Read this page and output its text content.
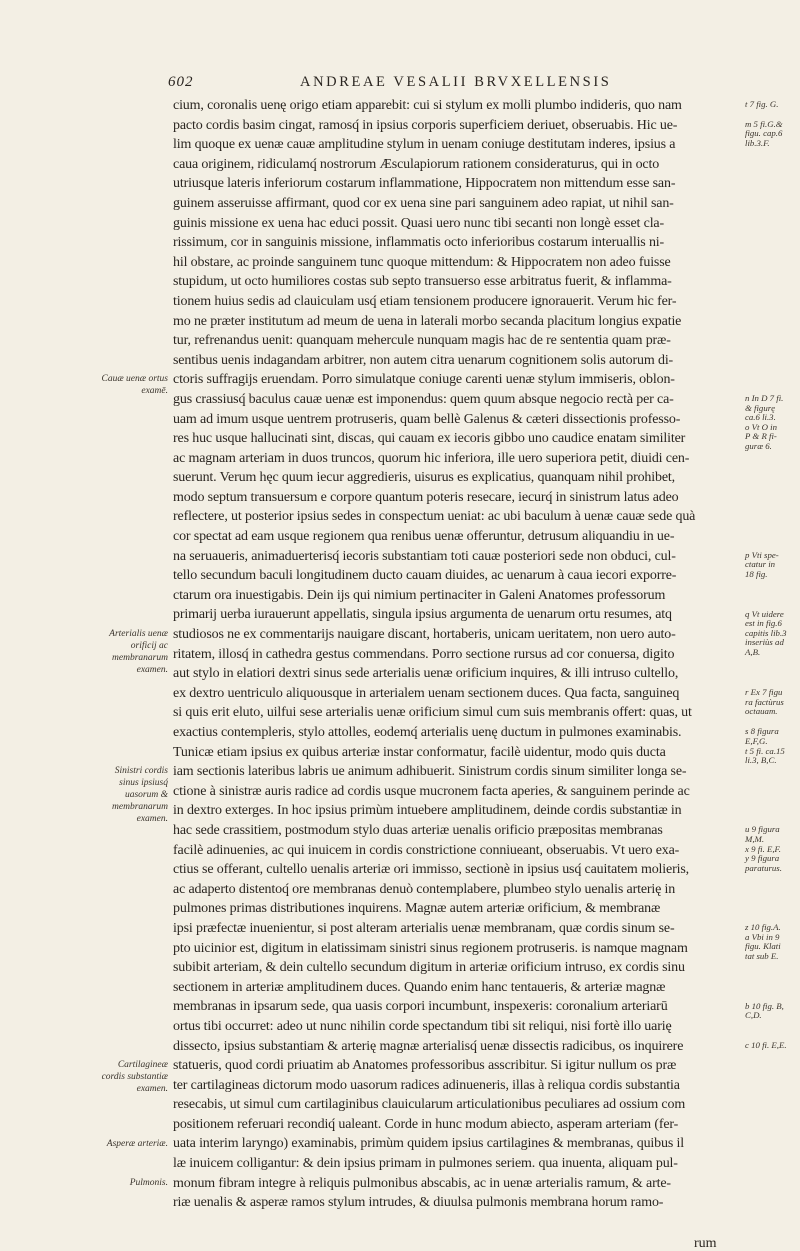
602	ANDREAE VESALII BRVXELLENSIS
cium, coronalis uenę origo etiam apparebit: cui si stylum ex molli plumbo indideris, quo nam
pacto cordis basim cingat, ramosq́ in ipsius corporis superficiem deriuet, obseruabis. Hic ue-
lim quoque ex uenæ cauæ amplitudine stylum in uenam coniuge destitutam inderes, ipsius a
caua originem, ridiculamq́ nostrorum Æsculapiorum rationem consideraturus, qui in octo
utriusque lateris inferiorum costarum inflammatione, Hippocratem non mittendum esse san-
guinem asseruisse affirmant, quod cor ex uena sine pari sanguinem adeo rapiat, ut nihil san-
guinis missione ex uena hac educi possit. Quasi uero nunc tibi secanti non longè esset cla-
rissimum, cor in sanguinis missione, inflammatis octo inferioribus costarum interuallis ni-
hil obstare, ac proinde sanguinem tunc quoque mittendum: & Hippocratem non adeo fuisse
stupidum, ut octo humiliores costas sub septo transuerso esse arbitratus fuerit, & inflamma-
tionem huius sedis ad clauiculam usq́ etiam tensionem producere ignorauerit. Verum hic fer-
mo ne præter institutum ad meum de uena in laterali morbo secanda placitum longius expatie
tur, refrenandus uenit: quanquam mehercule nunquam magis hac de re sententia quam præ-
sentibus uenis indagandam arbitrer, non autem citra uenarum cognitionem solis autorum di-
ctoris suffragijs eruendam. Porro simulatque coniuge carenti uenæ stylum immiseris, oblon-
gus crassiusq́ baculus cauæ uenæ est imponendus: quem quum absque negocio rectà per ca-
uam ad imum usque uentrem protruseris, quam bellè Galenus & cæteri dissectionis professo-
res huc usque hallucinati sint, discas, qui cauam ex iecoris gibbo uno caudice enatam similiter
ac magnam arteriam in duos truncos, quorum hic inferiora, ille uero superiora petit, diuidi cen-
suerunt. Verum hęc quum iecur aggredieris, uisurus es explicatius, quanquam nihil prohibet,
modo septum transuersum e corpore quantum poteris resecare, iecurq́ in sinistrum latus adeo
reflectere, ut posterior ipsius sedes in conspectum ueniat: ac ubi baculum à uenæ cauæ sede quà
cor spectat ad eam usque regionem qua renibus uenæ offeruntur, detrusum aliquandiu in ue-
na seruaueris, animaduerterisq́ iecoris substantiam toti cauæ posteriori sede non obduci, cul-
tello secundum baculi longitudinem ducto cauam diuides, ac uenarum à caua iecori exporre-
ctarum ora inuestigabis. Dein ijs qui nimium pertinaciter in Galeni Anatomes professorum
primarij uerba iurauerunt appellatis, singula ipsius argumenta de uenarum ortu resumes, atq
studiosos ne ex commentarijs nauigare discant, hortaberis, unicam ueritatem, non uero auto-
ritatem, illosq́ in cathedra gestus commendans. Porro sectione rursus ad cor conuersa, digito
aut stylo in elatiori dextri sinus sede arterialis uenæ orificium inquires, & illi intruso cultello,
ex dextro uentriculo aliquousque in arterialem uenam sectionem duces. Qua facta, sanguineq
si quis erit eluto, uilfui sese arterialis uenæ orificium simul cum suis membranis offert: quas, ut
exactius contempleris, stylo attolles, eodemq́ arterialis uenę ductum in pulmones examinabis.
Tunicæ etiam ipsius ex quibus arteriæ instar conformatur, facilè uidentur, modo quis ducta
iam sectionis lateribus labris ue animum adhibuerit. Sinistrum cordis sinum similiter longa se-
ctione à sinistræ auris radice ad cordis usque mucronem facta aperies, & sanguinem perinde ac
in dextro exterges. In hoc ipsius primùm intuebere amplitudinem, deinde cordis substantiæ in
hac sede crassitiem, postmodum stylo duas arteriæ uenalis orificio præpositas membranas
facilè adinuenies, ac qui inuicem in cordis constrictione conniueant, obseruabis. Vt uero exa-
ctius se offerant, cultello uenalis arteriæ ori immisso, sectionè in ipsius usq́ cauitatem molieris,
ac adaperto distentoq́ ore membranas denuò contemplabere, plumbeo stylo uenalis arterię in
pulmones primas distributiones inquirens. Magnæ autem arteriæ orificium, & membranæ
ipsi præfectæ inuenientur, si post alteram arterialis uenæ membranam, quæ cordis sinum se-
pto uicinior est, digitum in elatissimam sinistri sinus regionem protruseris. is namque magnam
subibit arteriam, & dein cultello secundum digitum in arteriæ orificium intruso, ex cordis sinu
sectionem in arteriæ amplitudinem duces. Quando enim hanc tentaueris, & arteriæ magnæ
membranas in ipsarum sede, qua uasis corpori incumbunt, inspexeris: coronalium arteriarū
ortus tibi occurret: adeo ut nunc nihilin corde spectandum tibi sit reliqui, nisi fortè illo uarię
dissecto, ipsius substantiam & arterię magnæ arterialisq́ uenæ dissectis radicibus, os inquirere
statueris, quod cordi priuatim ab Anatomes professoribus asscribitur. Si igitur nullum os præ
ter cartilagineas dictorum modo uasorum radices adinueneris, illas à reliqua cordis substantia
resecabis, ut simul cum cartilaginibus clauicularum articulationibus peculiares ad ossium com
positionem referuari recondiq́ ualeant. Corde in hunc modum abiecto, asperam arteriam (fer-
uata interim laryngo) examinabis, primùm quidem ipsius cartilagines & membranas, quibus il
læ inuicem colligantur: & dein ipsius primam in pulmones seriem. qua inuenta, aliquam pul-
monum fibram integre à reliquis pulmonibus abscabis, ac in uenæ arterialis ramum, & arte-
riæ uenalis & asperæ ramos stylum intrudes, & diuulsa pulmonis membrana horum ramo-
rum
Cauæ uenæ ortus examē.
Arterialis uenæ orificij ac membranarum examen.
Sinistri cordis sinus ipsiusq́ uasorum & membranarum examen.
Cartilagineæ cordis substantiæ examen.
Asperæ arteriæ.
Pulmonis.
t 7 fig. G.
m 5 fi.G.&
figu. cap.6
lib.3.F.
n In D 7 fi.
& figurę
ca.6 li.3.
o Vt O in
P & R fi-
guræ 6.
p Vti spe-
ctatur in
18 fig.
q Vt uidere
est in fig.6
capitis lib.3
inseriùs ad
A,B.
r Ex 7 figu
ra factùrus
octauam.
s 8 figura
E,F,G.
t 5 fi. ca.15
li.3, B,C.
u 9 figura
M,M.
x 9 fi. E,F.
y 9 figura
paraturus.
z 10 fig.A.
a Vbi in 9
figu. Klati
tat sub E.
b 10 fig. B,
C,D.
c 10 fi. E,E.
